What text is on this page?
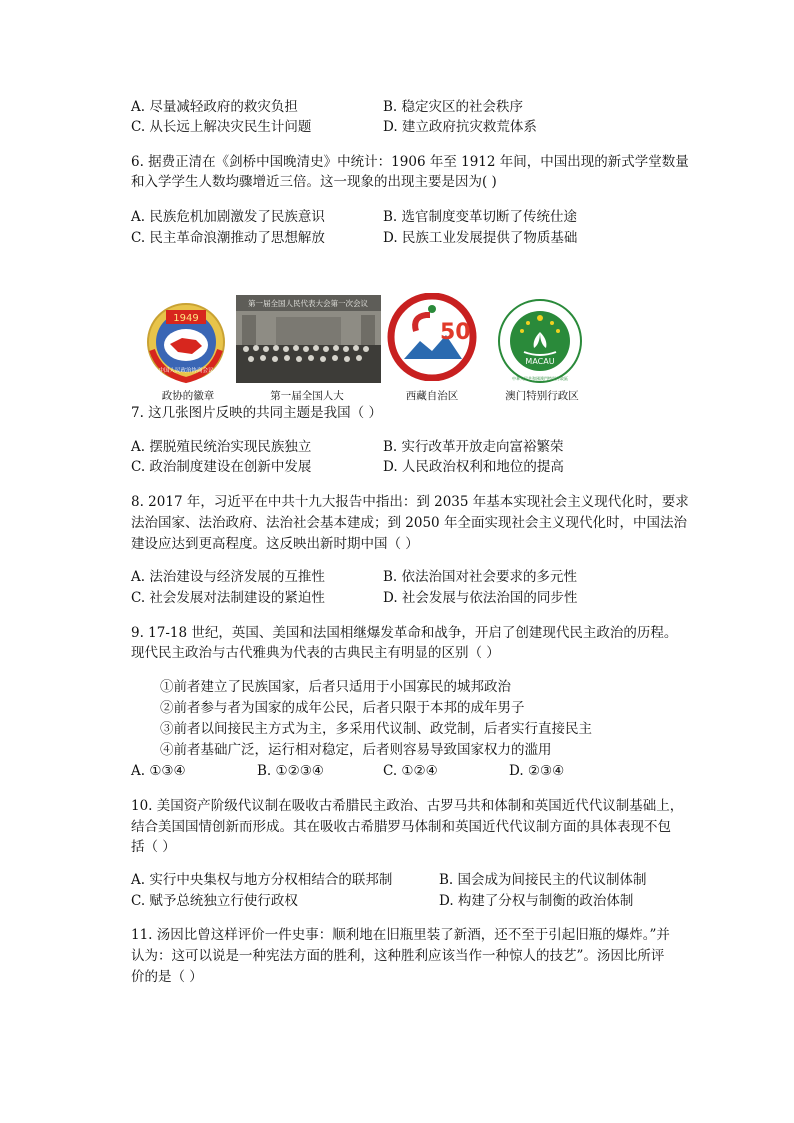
A. 尽量减轻政府的救灾负担	B. 稳定灾区的社会秩序
C. 从长远上解决灾民生计问题	D. 建立政府抗灾救荒体系
6. 据费正清在《剑桥中国晚清史》中统计：1906 年至 1912 年间，中国出现的新式学堂数量
和入学学生人数均骤增近三倍。这一现象的出现主要是因为( )
A. 民族危机加剧激发了民族意识	B. 选官制度变革切断了传统仕途
C. 民主革命浪潮推动了思想解放	D. 民族工业发展提供了物质基础
1949
中国人民政治协商会议
政协的徽章
第一届全国人民代表大会第一次会议
第一届全国人大
50
西藏自治区
MACAU
中華人民共和國澳門特別行政區
澳门特别行政区
7. 这几张图片反映的共同主题是我国（ ）
A. 摆脱殖民统治实现民族独立	B. 实行改革开放走向富裕繁荣
C. 政治制度建设在创新中发展	D. 人民政治权利和地位的提高
8. 2017 年，习近平在中共十九大报告中指出：到 2035 年基本实现社会主义现代化时，要求
法治国家、法治政府、法治社会基本建成；到 2050 年全面实现社会主义现代化时，中国法治
建设应达到更高程度。这反映出新时期中国（ ）
A. 法治建设与经济发展的互推性	B. 依法治国对社会要求的多元性
C. 社会发展对法制建设的紧迫性	D. 社会发展与依法治国的同步性
9. 17-18 世纪，英国、美国和法国相继爆发革命和战争，开启了创建现代民主政治的历程。
现代民主政治与古代雅典为代表的古典民主有明显的区别（ ）
①前者建立了民族国家，后者只适用于小国寡民的城邦政治
②前者参与者为国家的成年公民，后者只限于本邦的成年男子
③前者以间接民主方式为主，多采用代议制、政党制，后者实行直接民主
④前者基础广泛，运行相对稳定，后者则容易导致国家权力的滥用
A. ①③④	B. ①②③④	C. ①②④	D. ②③④
10. 美国资产阶级代议制在吸收古希腊民主政治、古罗马共和体制和英国近代代议制基础上，
结合美国国情创新而形成。其在吸收古希腊罗马体制和英国近代代议制方面的具体表现不包
括（ ）
A. 实行中央集权与地方分权相结合的联邦制	B. 国会成为间接民主的代议制体制
C. 赋予总统独立行使行政权	D. 构建了分权与制衡的政治体制
11. 汤因比曾这样评价一件史事：顺利地在旧瓶里装了新酒，还不至于引起旧瓶的爆炸。”并
认为：这可以说是一种宪法方面的胜利，这种胜利应该当作一种惊人的技艺”。汤因比所评
价的是（ ）
